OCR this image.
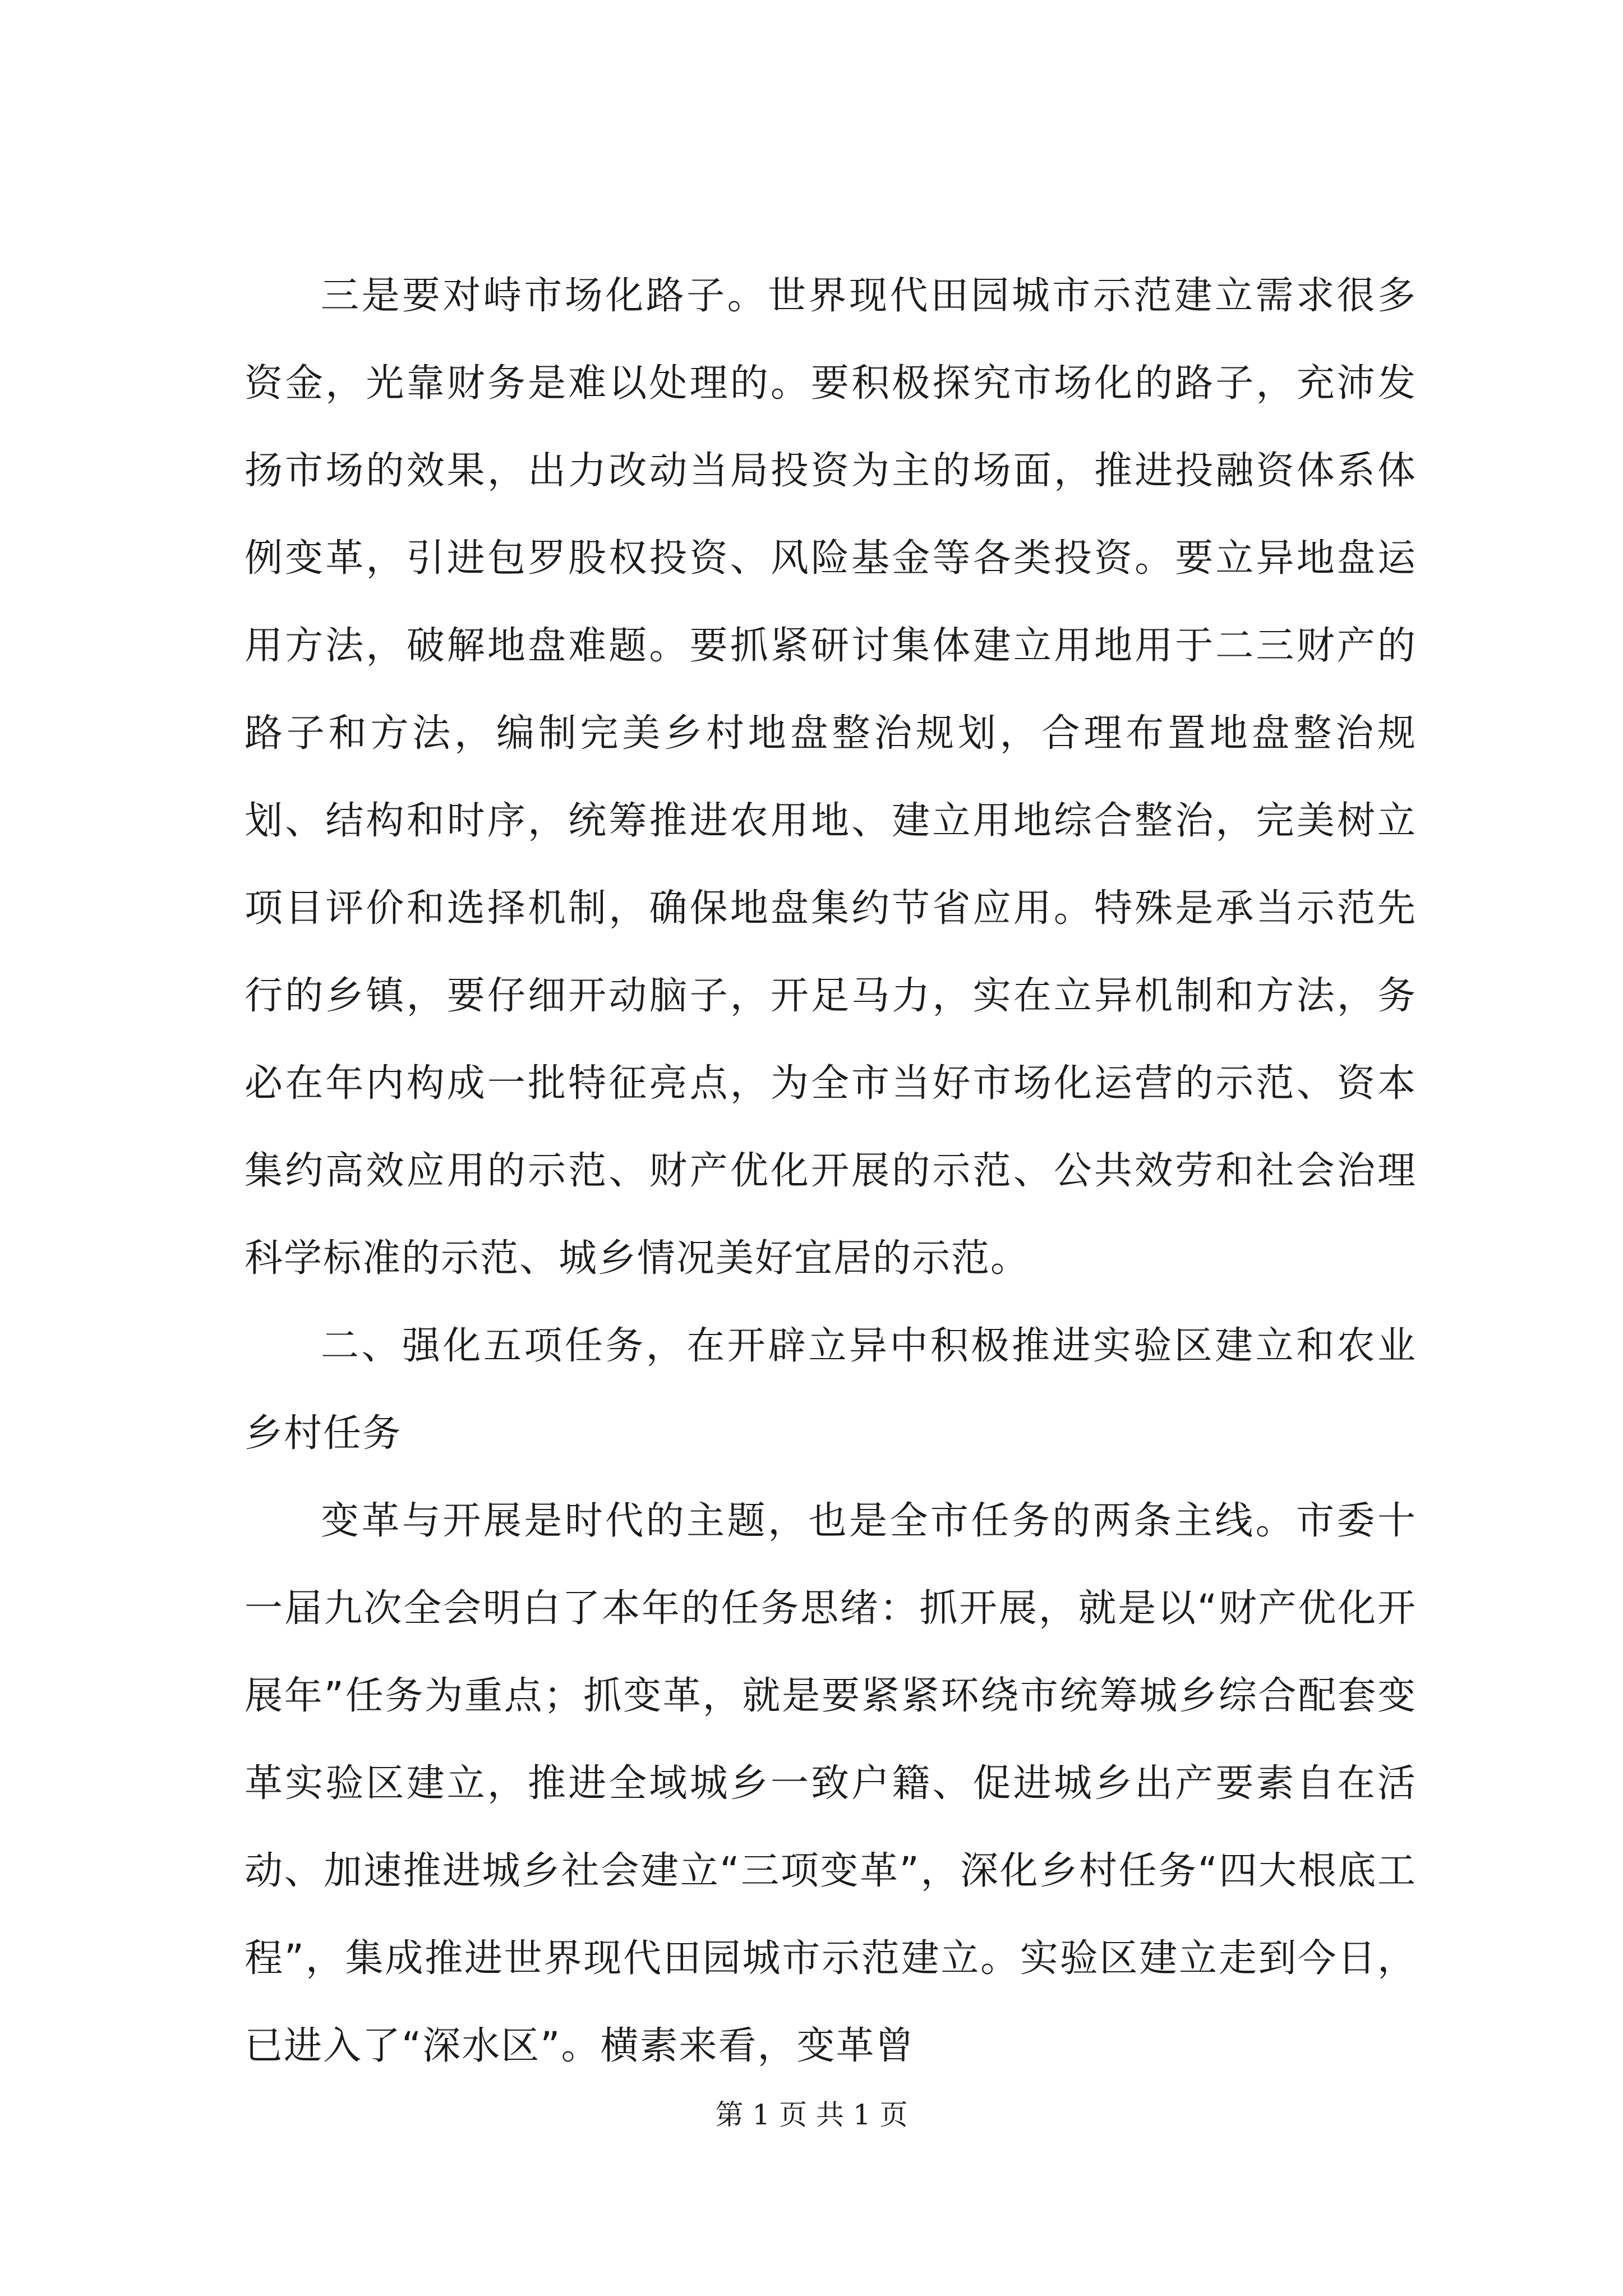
三是要对峙市场化路子。世界现代田园城市示范建立需求很多资金，光靠财务是难以处理的。要积极探究市场化的路子，充沛发扬市场的效果，出力改动当局投资为主的场面，推进投融资体系体例变革，引进包罗股权投资、风险基金等各类投资。要立异地盘运用方法，破解地盘难题。要抓紧研讨集体建立用地用于二三财产的路子和方法，编制完美乡村地盘整治规划，合理布置地盘整治规划、结构和时序，统筹推进农用地、建立用地综合整治，完美树立项目评价和选择机制，确保地盘集约节省应用。特殊是承当示范先行的乡镇，要仔细开动脑子，开足马力，实在立异机制和方法，务必在年内构成一批特征亮点，为全市当好市场化运营的示范、资本集约高效应用的示范、财产优化开展的示范、公共效劳和社会治理科学标准的示范、城乡情况美好宜居的示范。

二、强化五项任务，在开辟立异中积极推进实验区建立和农业乡村任务

变革与开展是时代的主题，也是全市任务的两条主线。市委十一届九次全会明白了本年的任务思绪：抓开展，就是以“财产优化开展年”任务为重点；抓变革，就是要紧紧环绕市统筹城乡综合配套变革实验区建立，推进全域城乡一致户籍、促进城乡出产要素自在活动、加速推进城乡社会建立“三项变革”，深化乡村任务“四大根底工程”，集成推进世界现代田园城市示范建立。实验区建立走到今日，已进入了“深水区”。横素来看，变革曾

第 1 页 共 1 页
